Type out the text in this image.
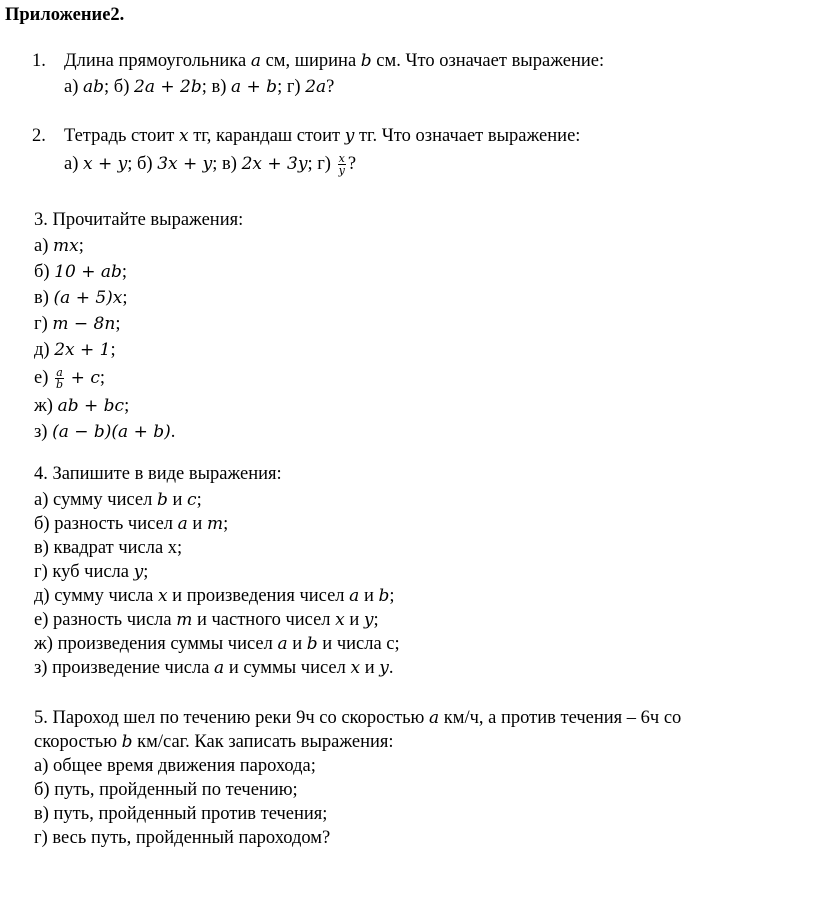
Приложение2.
1. Длина прямоугольника a см, ширина b см. Что означает выражение:
а) ab; б) 2a + 2b; в) a + b; г) 2a?
2. Тетрадь стоит x тг, карандаш стоит y тг. Что означает выражение:
а) x + y; б) 3x + y; в) 2x + 3y; $г) \frac{x}{y}$ ?
3. Прочитайте выражения:
а) mx;
б) 10 + ab;
в) (a + 5)x;
г) m − 8n;
д) 2x + 1;
$е) \frac{a}{b} + c$;
ж) ab + bc;
з) (a − b)(a + b).
4. Запишите в виде выражения:
а) сумму чисел b и c;
б) разность чисел a и m;
в) квадрат числа х;
г) куб числа y;
д) сумму числа x и произведения чисел a и b;
е) разность числа m и частного чисел x и y;
ж) произведения суммы чисел a и b и числа с;
з) произведение числа a и суммы чисел x и y.
5. Пароход шел по течению реки 9ч со скоростью a км/ч, а против течения – 6ч со
скоростью b км/саг. Как записать выражения:
а) общее время движения парохода;
б) путь, пройденный по течению;
в) путь, пройденный против течения;
г) весь путь, пройденный пароходом?
